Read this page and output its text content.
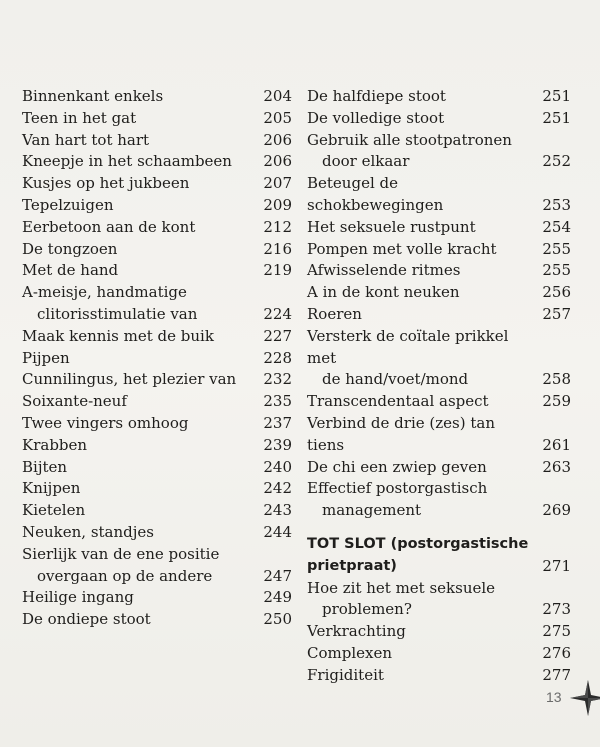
Binnenkant enkels	204
Teen in het gat	205
Van hart tot hart	206
Kneepje in het schaambeen	206
Kusjes op het jukbeen	207
Tepelzuigen	209
Eerbetoon aan de kont	212
De tongzoen	216
Met de hand	219
A-meisje, handmatige
clitorisstimulatie van	224
Maak kennis met de buik	227
Pijpen	228
Cunnilingus, het plezier van	232
Soixante-neuf	235
Twee vingers omhoog	237
Krabben	239
Bijten	240
Knijpen	242
Kietelen	243
Neuken, standjes	244
Sierlijk van de ene positie
overgaan op de andere	247
Heilige ingang	249
De ondiepe stoot	250
De halfdiepe stoot	251
De volledige stoot	251
Gebruik alle stootpatronen
door elkaar	252
Beteugel de schokbewegingen	253
Het seksuele rustpunt	254
Pompen met volle kracht	255
Afwisselende ritmes	255
A in de kont neuken	256
Roeren	257
Versterk de coïtale prikkel met
de hand/voet/mond	258
Transcendentaal aspect	259
Verbind de drie (zes) tan tiens	261
De chi een zwiep geven	263
Effectief postorgastisch
management	269
TOT SLOT (postorgastische
prietpraat)	271
Hoe zit het met seksuele
problemen?	273
Verkrachting	275
Complexen	276
Frigiditeit	277
13
